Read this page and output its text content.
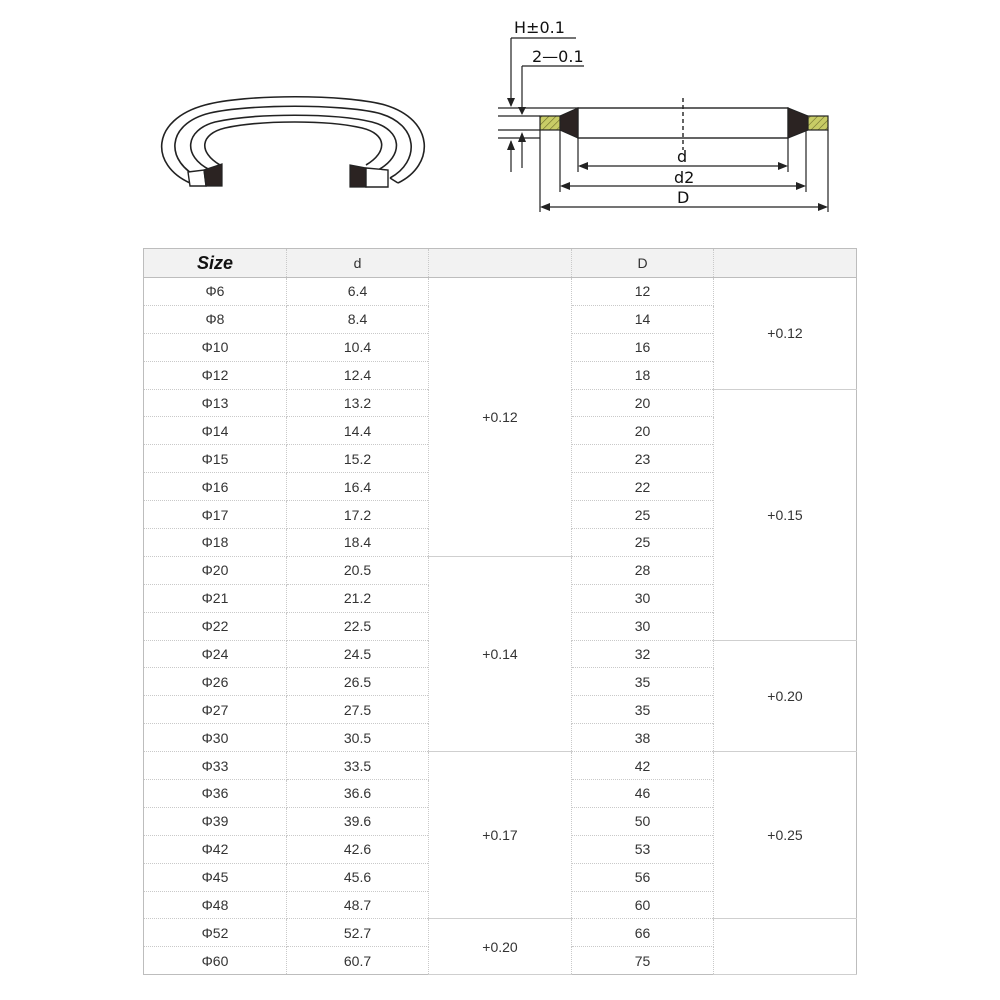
H±0.1
2—0.1
d
d2
D
Size	d		D	
Φ6	6.4	+0.12	12	+0.12
Φ8	8.4		14	
Φ10	10.4		16	
Φ12	12.4		18	
Φ13	13.2		20	+0.15
Φ14	14.4		20	
Φ15	15.2		23	
Φ16	16.4		22	
Φ17	17.2		25	
Φ18	18.4		25	
Φ20	20.5	+0.14	28	
Φ21	21.2		30	
Φ22	22.5		30	
Φ24	24.5		32	+0.20
Φ26	26.5		35	
Φ27	27.5		35	
Φ30	30.5		38	
Φ33	33.5	+0.17	42	+0.25
Φ36	36.6		46	
Φ39	39.6		50	
Φ42	42.6		53	
Φ45	45.6		56	
Φ48	48.7		60	
Φ52	52.7	+0.20	66	
Φ60	60.7		75	
